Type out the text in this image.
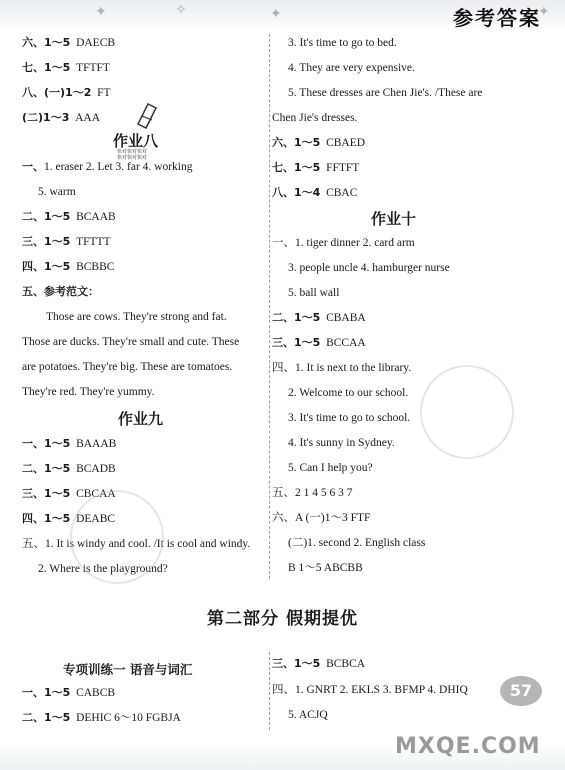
✦	✧	✦	✦
参考答案
六、1～5 DAECB
七、1～5 TFTFT
八、(一)1～2 FT
(二)1～3 AAA
作业八
快对快对快对
快对快对快对
一、1. eraser 2. Let 3. far 4. working
5. warm
二、1～5 BCAAB
三、1～5 TFTTT
四、1～5 BCBBC
五、参考范文：
Those are cows. They're strong and fat.
Those are ducks. They're small and cute. These
are potatoes. They're big. These are tomatoes.
They're red. They're yummy.
作业九
一、1～5 BAAAB
二、1～5 BCADB
三、1～5 CBCAA
四、1～5 DEABC
五、1. It is windy and cool. /It is cool and windy.
2. Where is the playground?
3. It's time to go to bed.
4. They are very expensive.
5. These dresses are Chen Jie's. /These are
Chen Jie's dresses.
六、1～5 CBAED
七、1～5 FFTFT
八、1～4 CBAC
作业十
一、1. tiger dinner 2. card arm
3. people uncle 4. hamburger nurse
5. ball wall
二、1～5 CBABA
三、1～5 BCCAA
四、1. It is next to the library.
2. Welcome to our school.
3. It's time to go to school.
4. It's sunny in Sydney.
5. Can I help you?
五、2 1 4 5 6 3 7
六、A (一)1～3 FTF
(二)1. second 2. English class
B 1～5 ABCBB
第二部分 假期提优
专项训练一 语音与词汇
一、1～5 CABCB
二、1～5 DEHIC 6～10 FGBJA
三、1～5 BCBCA
四、1. GNRT 2. EKLS 3. BFMP 4. DHIQ
5. ACJQ
57
MXQE.COM
